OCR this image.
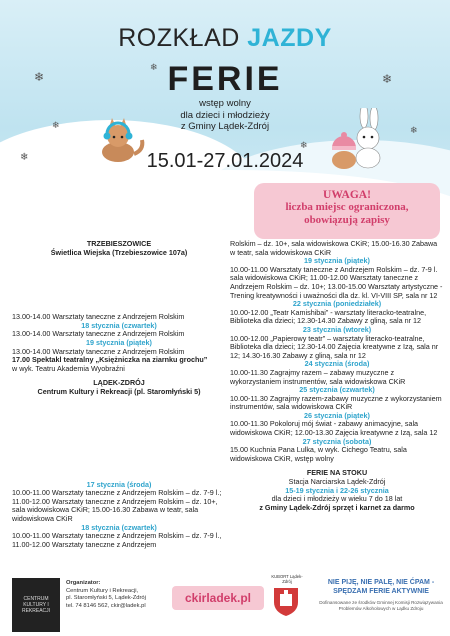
❄
❄
❄
❄
❄
❄
❄
ROZKŁAD JAZDY
FERIE
wstęp wolny
dla dzieci i młodzieży
z Gminy Lądek-Zdrój
15.01-27.01.2024
UWAGA!
liczba miejsc ograniczona,
obowiązują zapisy
TRZEBIESZOWICE
Świetlica Wiejska (Trzebieszowice 107a)
13.00-14.00 Warsztaty taneczne z Andrzejem Rolskim
18 stycznia (czwartek)
13.00-14.00 Warsztaty taneczne z Andrzejem Rolskim
19 stycznia (piątek)
13.00-14.00 Warsztaty taneczne z Andrzejem Rolskim
17.00 Spektakl teatralny „Księżniczka na ziarnku grochu”
w wyk. Teatru Akademia Wyobraźni
LĄDEK-ZDRÓJ
Centrum Kultury i Rekreacji (pl. Staromłyński 5)
17 stycznia (środa)
10.00-11.00 Warsztaty taneczne z Andrzejem Rolskim – dz. 7-9 l.; 11.00-12.00 Warsztaty taneczne z Andrzejem Rolskim – dz. 10+, sala widowiskowa CKiR; 15.00-16.30 Zabawa w teatr, sala widowiskowa CKiR
18 stycznia (czwartek)
10.00-11.00 Warsztaty taneczne z Andrzejem Rolskim – dz. 7-9 l., 11.00-12.00 Warsztaty taneczne z Andrzejem
Rolskim – dz. 10+, sala widowiskowa CKiR; 15.00-16.30 Zabawa w teatr, sala widowiskowa CKiR
19 stycznia (piątek)
10.00-11.00 Warsztaty taneczne z Andrzejem Rolskim – dz. 7-9 l. sala widowiskowa CKiR; 11.00-12.00 Warsztaty taneczne z Andrzejem Rolskim – dz. 10+; 13.00-15.00 Warsztaty artystyczne - Trening kreatywności i uważności dla dz. kl. VI-VIII SP, sala nr 12
22 stycznia (poniedziałek)
10.00-12.00 „Teatr Kamishibai” - warsztaty literacko-teatralne, Biblioteka dla dzieci; 12.30-14.30 Zabawy z gliną, sala nr 12
23 stycznia (wtorek)
10.00-12.00 „Papierowy teatr” – warsztaty literacko-teatralne, Biblioteka dla dzieci; 12.30-14.00 Zajęcia kreatywne z Izą, sala nr 12; 14.30-16.30 Zabawy z gliną, sala nr 12
24 stycznia (środa)
10.00-11.30 Zagrajmy razem – zabawy muzyczne z wykorzystaniem instrumentów, sala widowiskowa CKiR
25 stycznia (czwartek)
10.00-11.30 Zagrajmy razem-zabawy muzyczne z wykorzystaniem instrumentów, sala widowiskowa CKiR
26 stycznia (piątek)
10.00-11.30 Pokoloruj mój świat - zabawy animacyjne, sala widowiskowa CKiR; 12.00-13.30 Zajęcia kreatywne z Izą, sala 12
27 stycznia (sobota)
15.00 Kuchnia Pana Lulka, w wyk. Cichego Teatru, sala widowiskowa CKiR, wstęp wolny
FERIE NA STOKU
Stacja Narciarska Lądek-Zdrój
15-19 stycznia i 22-26 stycznia
dla dzieci i młodzieży w wieku 7 do 18 lat
z Gminy Lądek-Zdrój sprzęt i karnet za darmo
CENTRUM KULTURY I REKREACJI
Organizator:
Centrum Kultury i Rekreacji,
pl. Staromłyński 5, Lądek-Zdrój
tel. 74 8146 562, ckir@ladek.pl
ckirladek.pl
KUBORT Lądek-Zdrój	NIE PIJĘ, NIE PALĘ, NIE ĆPAM -
SPĘDZAM FERIE AKTYWNIE
Dofinansowane ze środków Gminnej Komisji Rozwiązywania Problemów Alkoholowych w Lądku Zdroju
